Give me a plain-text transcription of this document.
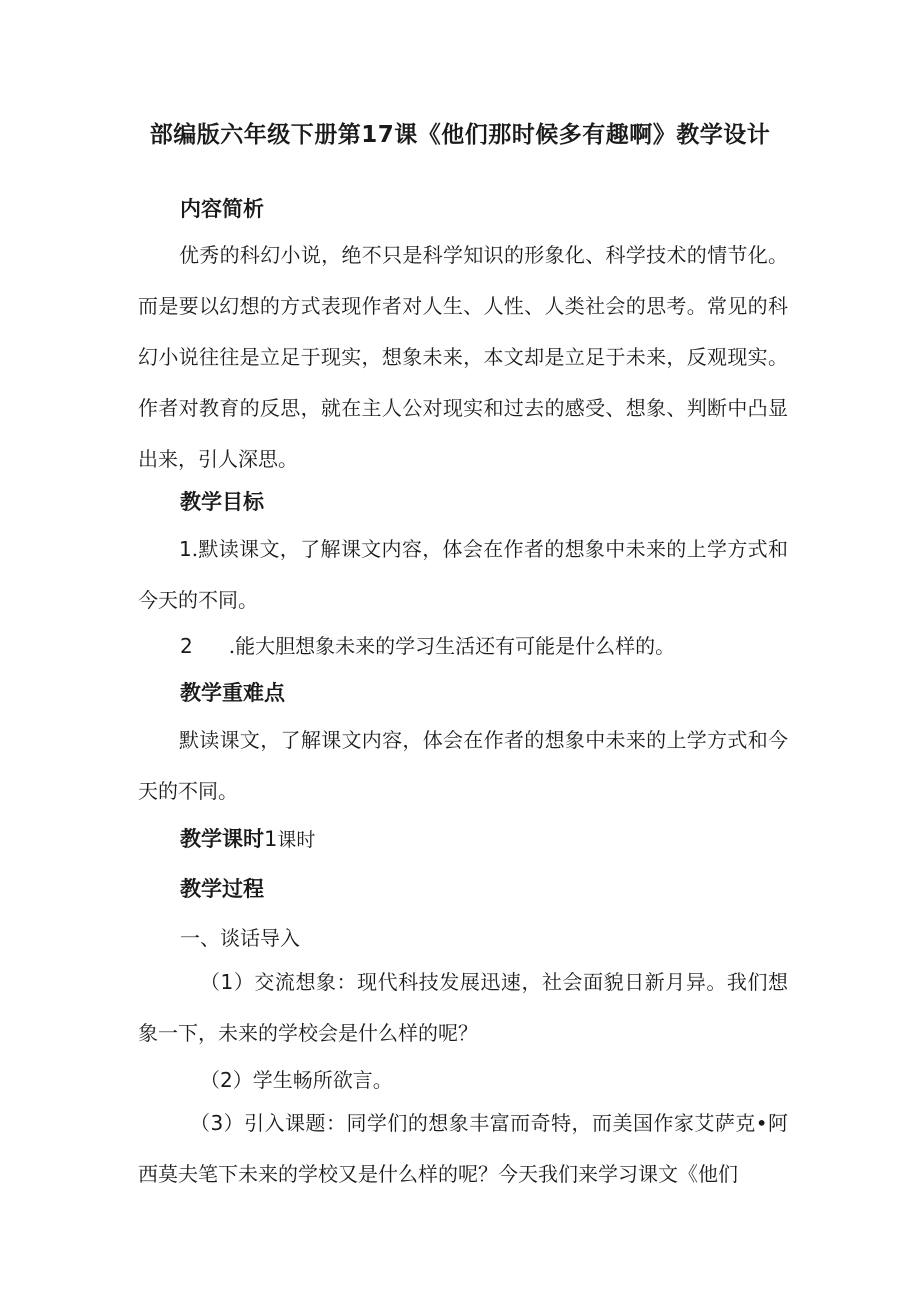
部编版六年级下册第17课《他们那时候多有趣啊》教学设计
内容简析
优秀的科幻小说，绝不只是科学知识的形象化、科学技术的情节化。而是要以幻想的方式表现作者对人生、人性、人类社会的思考。常见的科幻小说往往是立足于现实，想象未来，本文却是立足于未来，反观现实。作者对教育的反思，就在主人公对现实和过去的感受、想象、判断中凸显出来，引人深思。
教学目标
1.默读课文，了解课文内容，体会在作者的想象中未来的上学方式和今天的不同。
2 .能大胆想象未来的学习生活还有可能是什么样的。
教学重难点
默读课文，了解课文内容，体会在作者的想象中未来的上学方式和今天的不同。
教学课时1课时
教学过程
一、谈话导入
（1）交流想象：现代科技发展迅速，社会面貌日新月异。我们想象一下，未来的学校会是什么样的呢？
（2）学生畅所欲言。
（3）引入课题：同学们的想象丰富而奇特，而美国作家艾萨克•阿西莫夫笔下未来的学校又是什么样的呢？今天我们来学习课文《他们
